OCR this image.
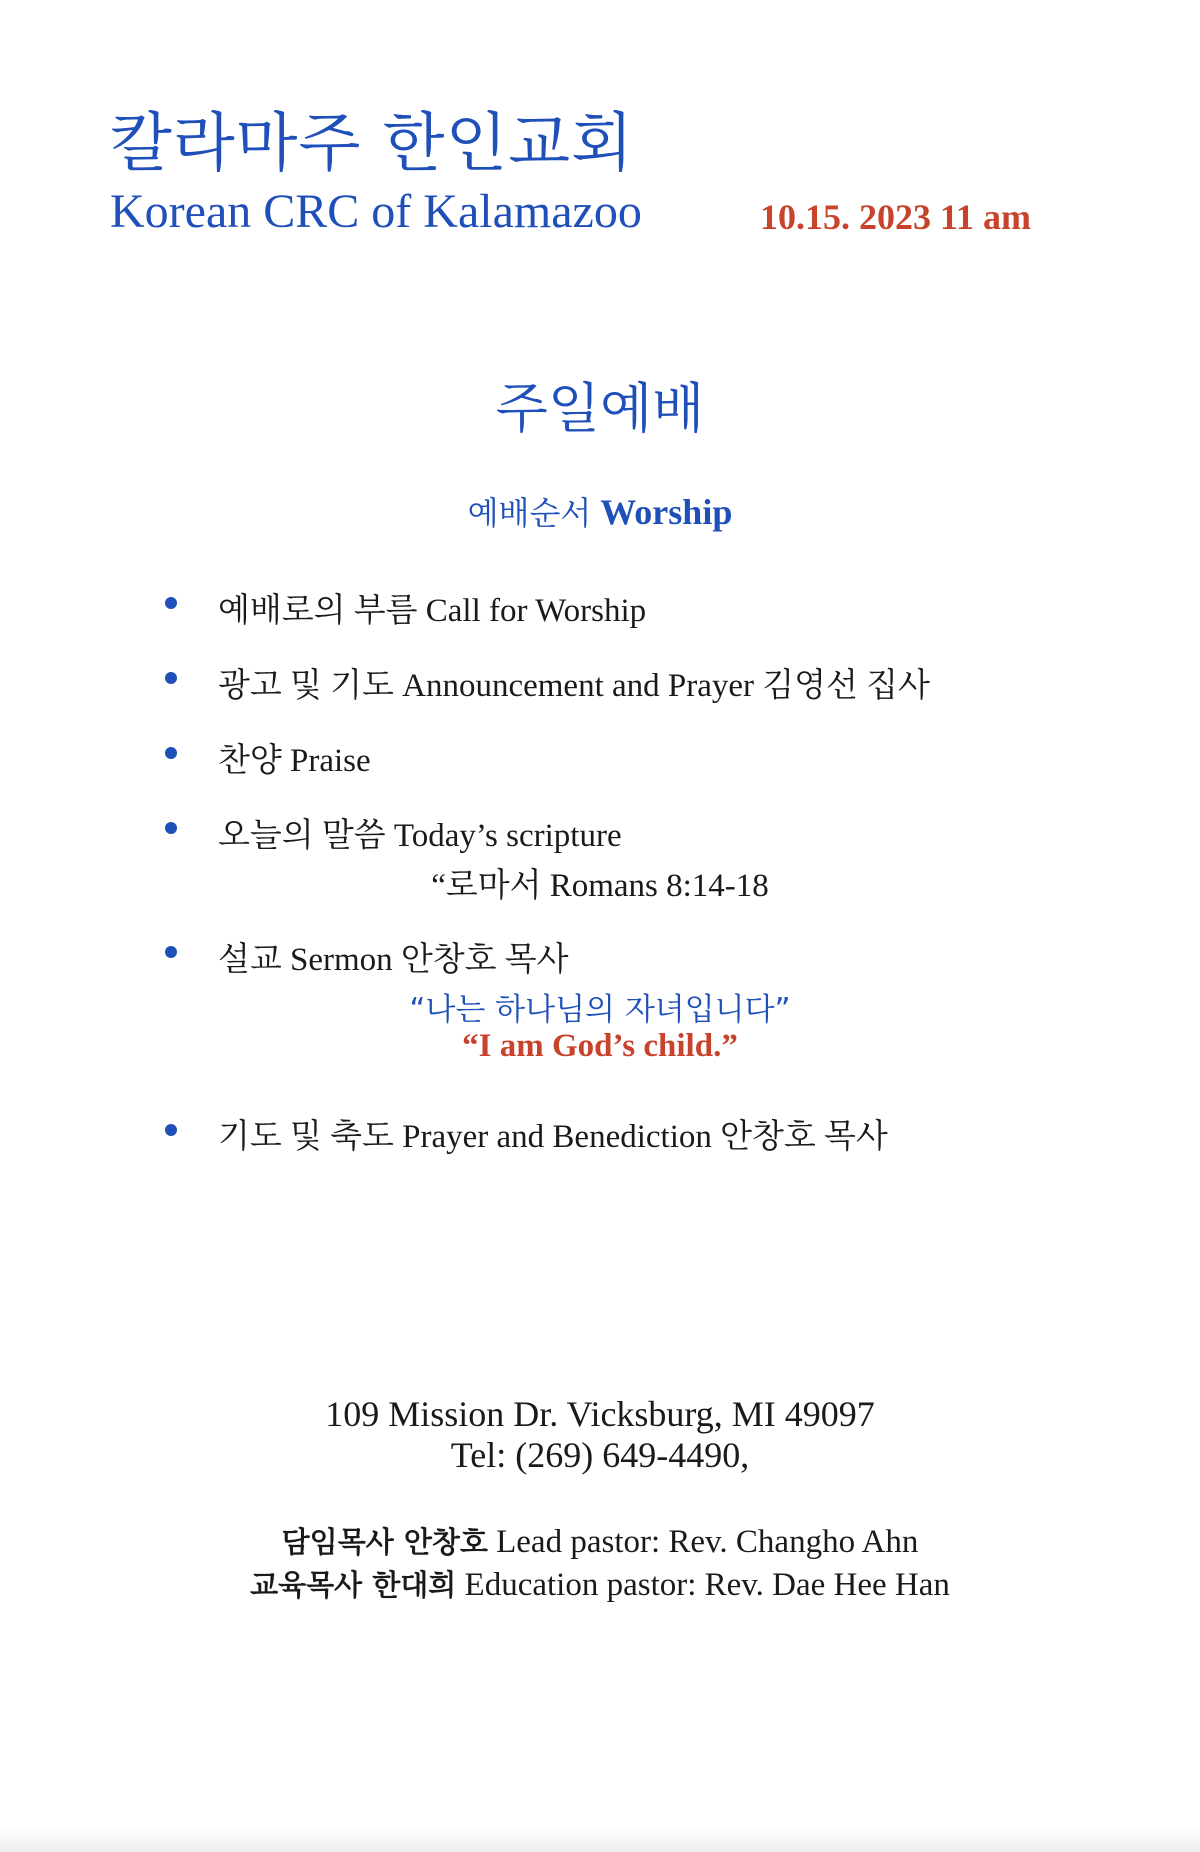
칼라마주 한인교회
Korean CRC of Kalamazoo	10.15. 2023 11 am
주일예배
예배순서 Worship
예배로의 부름 Call for Worship
광고 및 기도 Announcement and Prayer 김영선 집사
찬양 Praise
오늘의 말씀 Today’s scripture
“로마서 Romans 8:14-18
설교 Sermon 안창호 목사
“나는 하나님의 자녀입니다”
“I am God’s child.”
기도 및 축도 Prayer and Benediction 안창호 목사
109 Mission Dr. Vicksburg, MI 49097
Tel: (269) 649-4490,
담임목사 안창호 Lead pastor: Rev. Changho Ahn
교육목사 한대희 Education pastor: Rev. Dae Hee Han
